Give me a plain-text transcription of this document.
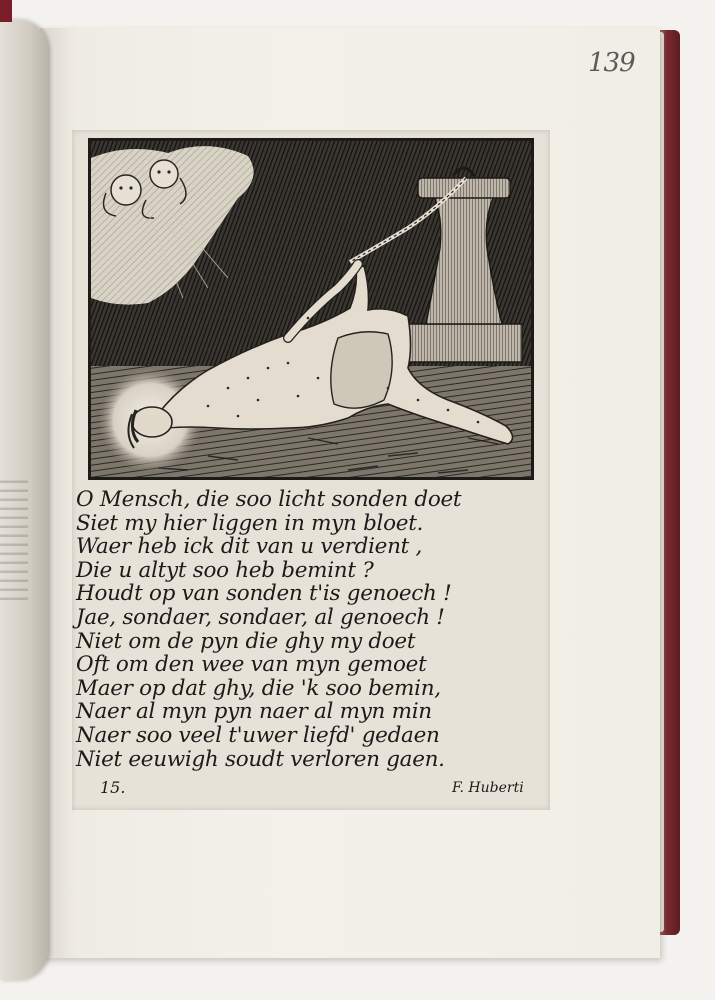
139
O Mensch, die soo licht sonden doet
Siet my hier liggen in myn bloet.
Waer heb ick dit van u verdient ,
Die u altyt soo heb bemint ?
Houdt op van sonden t'is genoech !
Jae, sondaer, sondaer, al genoech !
Niet om de pyn die ghy my doet
Oft om den wee van myn gemoet
Maer op dat ghy, die 'k soo bemin,
Naer al myn pyn naer al myn min
Naer soo veel t'uwer liefd' gedaen
Niet eeuwigh soudt verloren gaen.
15.	F. Huberti
